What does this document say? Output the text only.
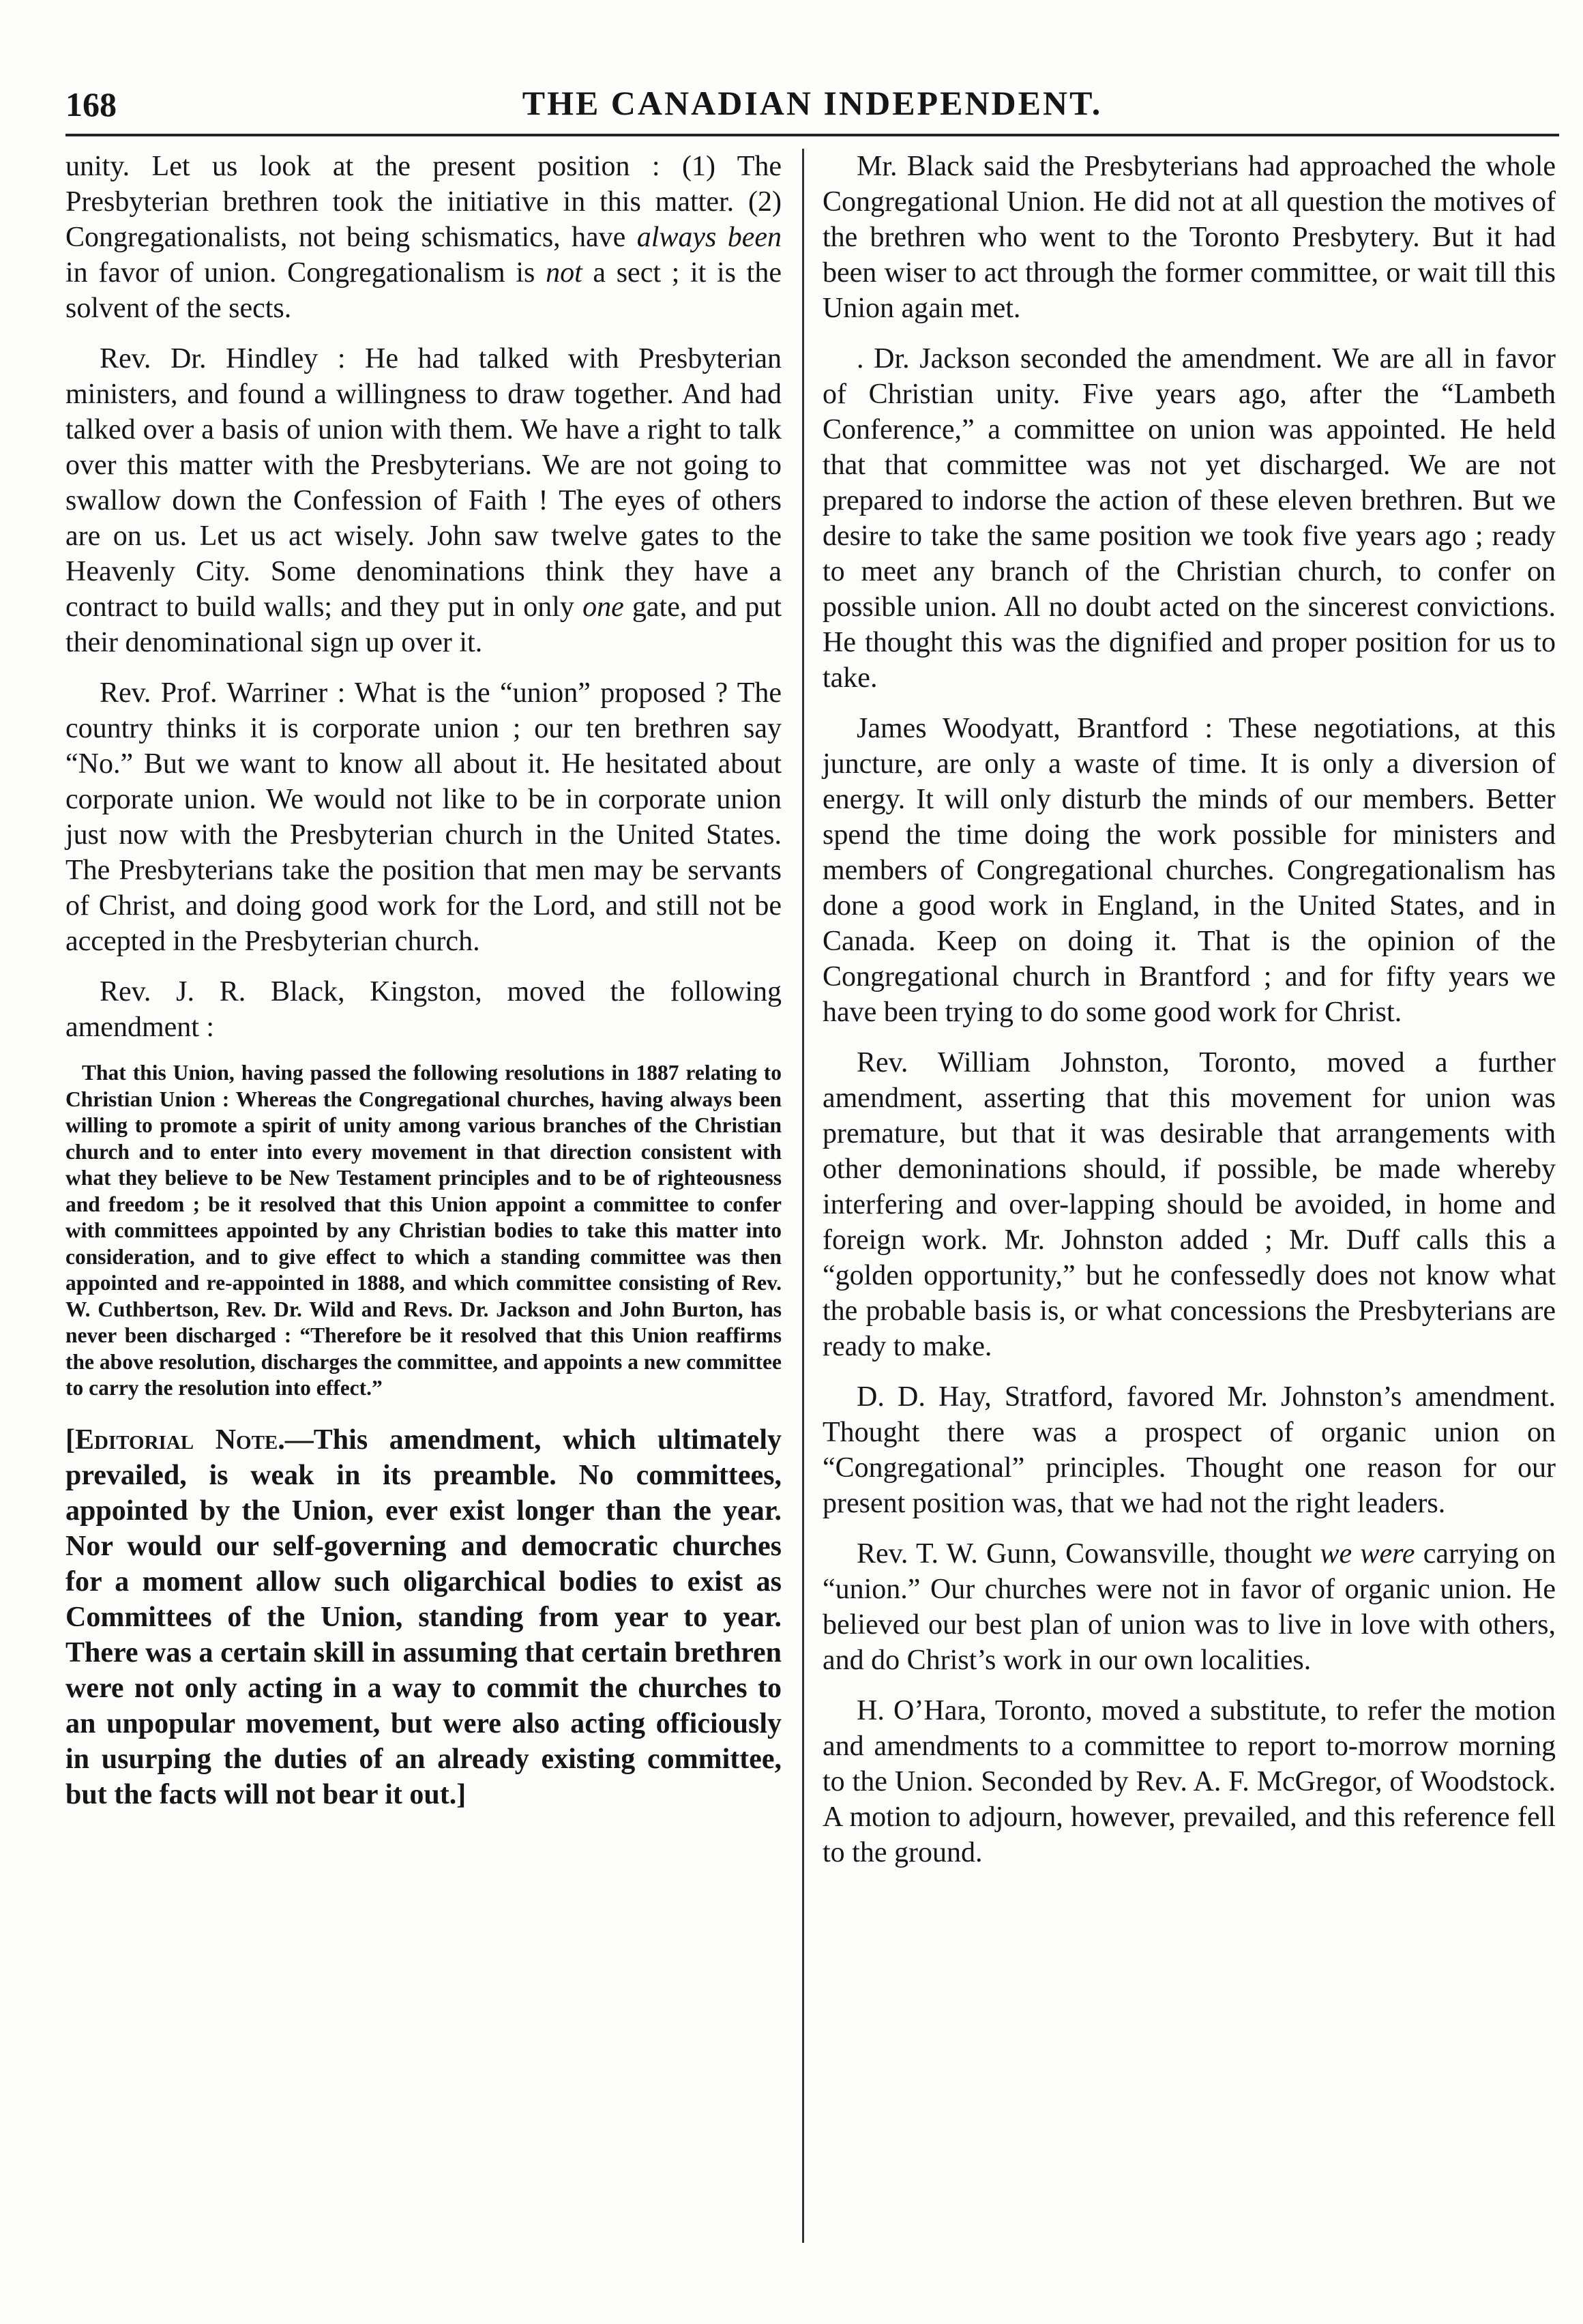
168	THE CANADIAN INDEPENDENT.

unity. Let us look at the present position : (1) The Presbyterian brethren took the initiative in this matter. (2) Congregationalists, not being schismatics, have always been in favor of union. Congregationalism is not a sect ; it is the solvent of the sects.

Rev. Dr. Hindley : He had talked with Presbyterian ministers, and found a willingness to draw together. And had talked over a basis of union with them. We have a right to talk over this matter with the Presbyterians. We are not going to swallow down the Confession of Faith ! The eyes of others are on us. Let us act wisely. John saw twelve gates to the Heavenly City. Some denominations think they have a contract to build walls; and they put in only one gate, and put their denominational sign up over it.

Rev. Prof. Warriner : What is the “union” proposed ? The country thinks it is corporate union ; our ten brethren say “No.” But we want to know all about it. He hesitated about corporate union. We would not like to be in corporate union just now with the Presbyterian church in the United States. The Presbyterians take the position that men may be servants of Christ, and doing good work for the Lord, and still not be accepted in the Presbyterian church.

Rev. J. R. Black, Kingston, moved the following amendment :

That this Union, having passed the following resolutions in 1887 relating to Christian Union : Whereas the Congregational churches, having always been willing to promote a spirit of unity among various branches of the Christian church and to enter into every movement in that direction consistent with what they believe to be New Testament principles and to be of righteousness and freedom ; be it resolved that this Union appoint a committee to confer with committees appointed by any Christian bodies to take this matter into consideration, and to give effect to which a standing committee was then appointed and re-appointed in 1888, and which committee consisting of Rev. W. Cuthbertson, Rev. Dr. Wild and Revs. Dr. Jackson and John Burton, has never been discharged : “Therefore be it resolved that this Union reaffirms the above resolution, discharges the committee, and appoints a new committee to carry the resolution into effect.”

[Editorial Note.—This amendment, which ultimately prevailed, is weak in its preamble. No committees, appointed by the Union, ever exist longer than the year. Nor would our self-governing and democratic churches for a moment allow such oligarchical bodies to exist as Committees of the Union, standing from year to year. There was a certain skill in assuming that certain brethren were not only acting in a way to commit the churches to an unpopular movement, but were also acting officiously in usurping the duties of an already existing committee, but the facts will not bear it out.]

Mr. Black said the Presbyterians had approached the whole Congregational Union. He did not at all question the motives of the brethren who went to the Toronto Presbytery. But it had been wiser to act through the former committee, or wait till this Union again met.

. Dr. Jackson seconded the amendment. We are all in favor of Christian unity. Five years ago, after the “Lambeth Conference,” a committee on union was appointed. He held that that committee was not yet discharged. We are not prepared to indorse the action of these eleven brethren. But we desire to take the same position we took five years ago ; ready to meet any branch of the Christian church, to confer on possible union. All no doubt acted on the sincerest convictions. He thought this was the dignified and proper position for us to take.

James Woodyatt, Brantford : These negotiations, at this juncture, are only a waste of time. It is only a diversion of energy. It will only disturb the minds of our members. Better spend the time doing the work possible for ministers and members of Congregational churches. Congregationalism has done a good work in England, in the United States, and in Canada. Keep on doing it. That is the opinion of the Congregational church in Brantford ; and for fifty years we have been trying to do some good work for Christ.

Rev. William Johnston, Toronto, moved a further amendment, asserting that this movement for union was premature, but that it was desirable that arrangements with other demoninations should, if possible, be made whereby interfering and over-lapping should be avoided, in home and foreign work. Mr. Johnston added ; Mr. Duff calls this a “golden opportunity,” but he confessedly does not know what the probable basis is, or what concessions the Presbyterians are ready to make.

D. D. Hay, Stratford, favored Mr. Johnston’s amendment. Thought there was a prospect of organic union on “Congregational” principles. Thought one reason for our present position was, that we had not the right leaders.

Rev. T. W. Gunn, Cowansville, thought we were carrying on “union.” Our churches were not in favor of organic union. He believed our best plan of union was to live in love with others, and do Christ’s work in our own localities.

H. O’Hara, Toronto, moved a substitute, to refer the motion and amendments to a committee to report to-morrow morning to the Union. Seconded by Rev. A. F. McGregor, of Woodstock. A motion to adjourn, however, prevailed, and this reference fell to the ground.
